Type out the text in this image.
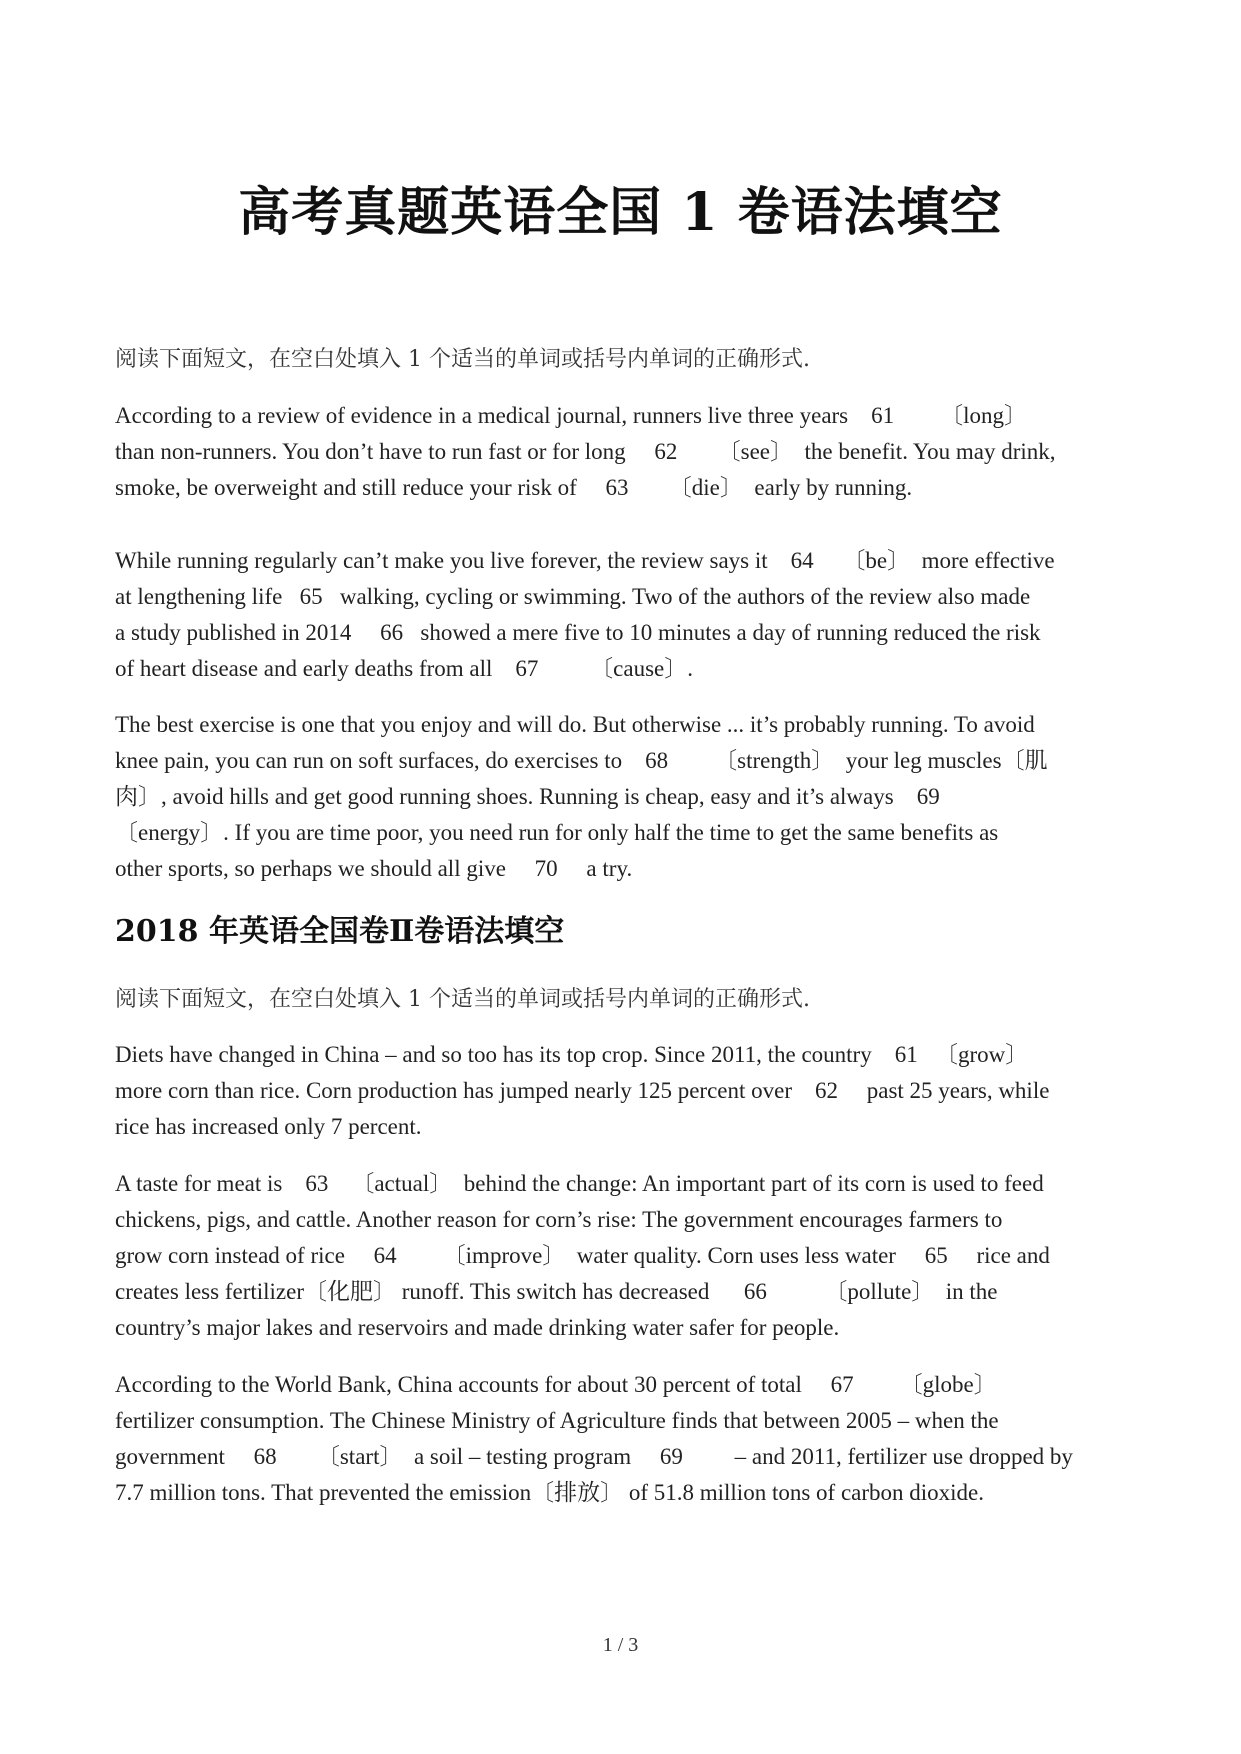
高考真题英语全国 1 卷语法填空
阅读下面短文，在空白处填入 1 个适当的单词或括号内单词的正确形式.
According to a review of evidence in a medical journal, runners live three years    61        〔long〕
than non-runners. You don’t have to run fast or for long     62       〔see〕  the benefit. You may drink,
smoke, be overweight and still reduce your risk of     63       〔die〕  early by running.
While running regularly can’t make you live forever, the review says it    64     〔be〕  more effective
at lengthening life   65   walking, cycling or swimming. Two of the authors of the review also made
a study published in 2014     66   showed a mere five to 10 minutes a day of running reduced the risk
of heart disease and early deaths from all    67         〔cause〕.
The best exercise is one that you enjoy and will do. But otherwise ... it’s probably running. To avoid
knee pain, you can run on soft surfaces, do exercises to    68        〔strength〕  your leg muscles〔肌
肉〕, avoid hills and get good running shoes. Running is cheap, easy and it’s always    69
〔energy〕. If you are time poor, you need run for only half the time to get the same benefits as
other sports, so perhaps we should all give     70     a try.
2018 年英语全国卷Ⅱ卷语法填空
阅读下面短文，在空白处填入 1 个适当的单词或括号内单词的正确形式.
Diets have changed in China – and so too has its top crop. Since 2011, the country    61   〔grow〕
more corn than rice. Corn production has jumped nearly 125 percent over    62     past 25 years, while
rice has increased only 7 percent.
A taste for meat is    63    〔actual〕  behind the change: An important part of its corn is used to feed
chickens, pigs, and cattle. Another reason for corn’s rise: The government encourages farmers to
grow corn instead of rice     64        〔improve〕  water quality. Corn uses less water     65     rice and
creates less fertilizer〔化肥〕 runoff. This switch has decreased      66          〔pollute〕  in the
country’s major lakes and reservoirs and made drinking water safer for people.
According to the World Bank, China accounts for about 30 percent of total     67        〔globe〕
fertilizer consumption. The Chinese Ministry of Agriculture finds that between 2005 – when the
government     68       〔start〕  a soil – testing program     69         – and 2011, fertilizer use dropped by
7.7 million tons. That prevented the emission〔排放〕 of 51.8 million tons of carbon dioxide.
1 / 3
